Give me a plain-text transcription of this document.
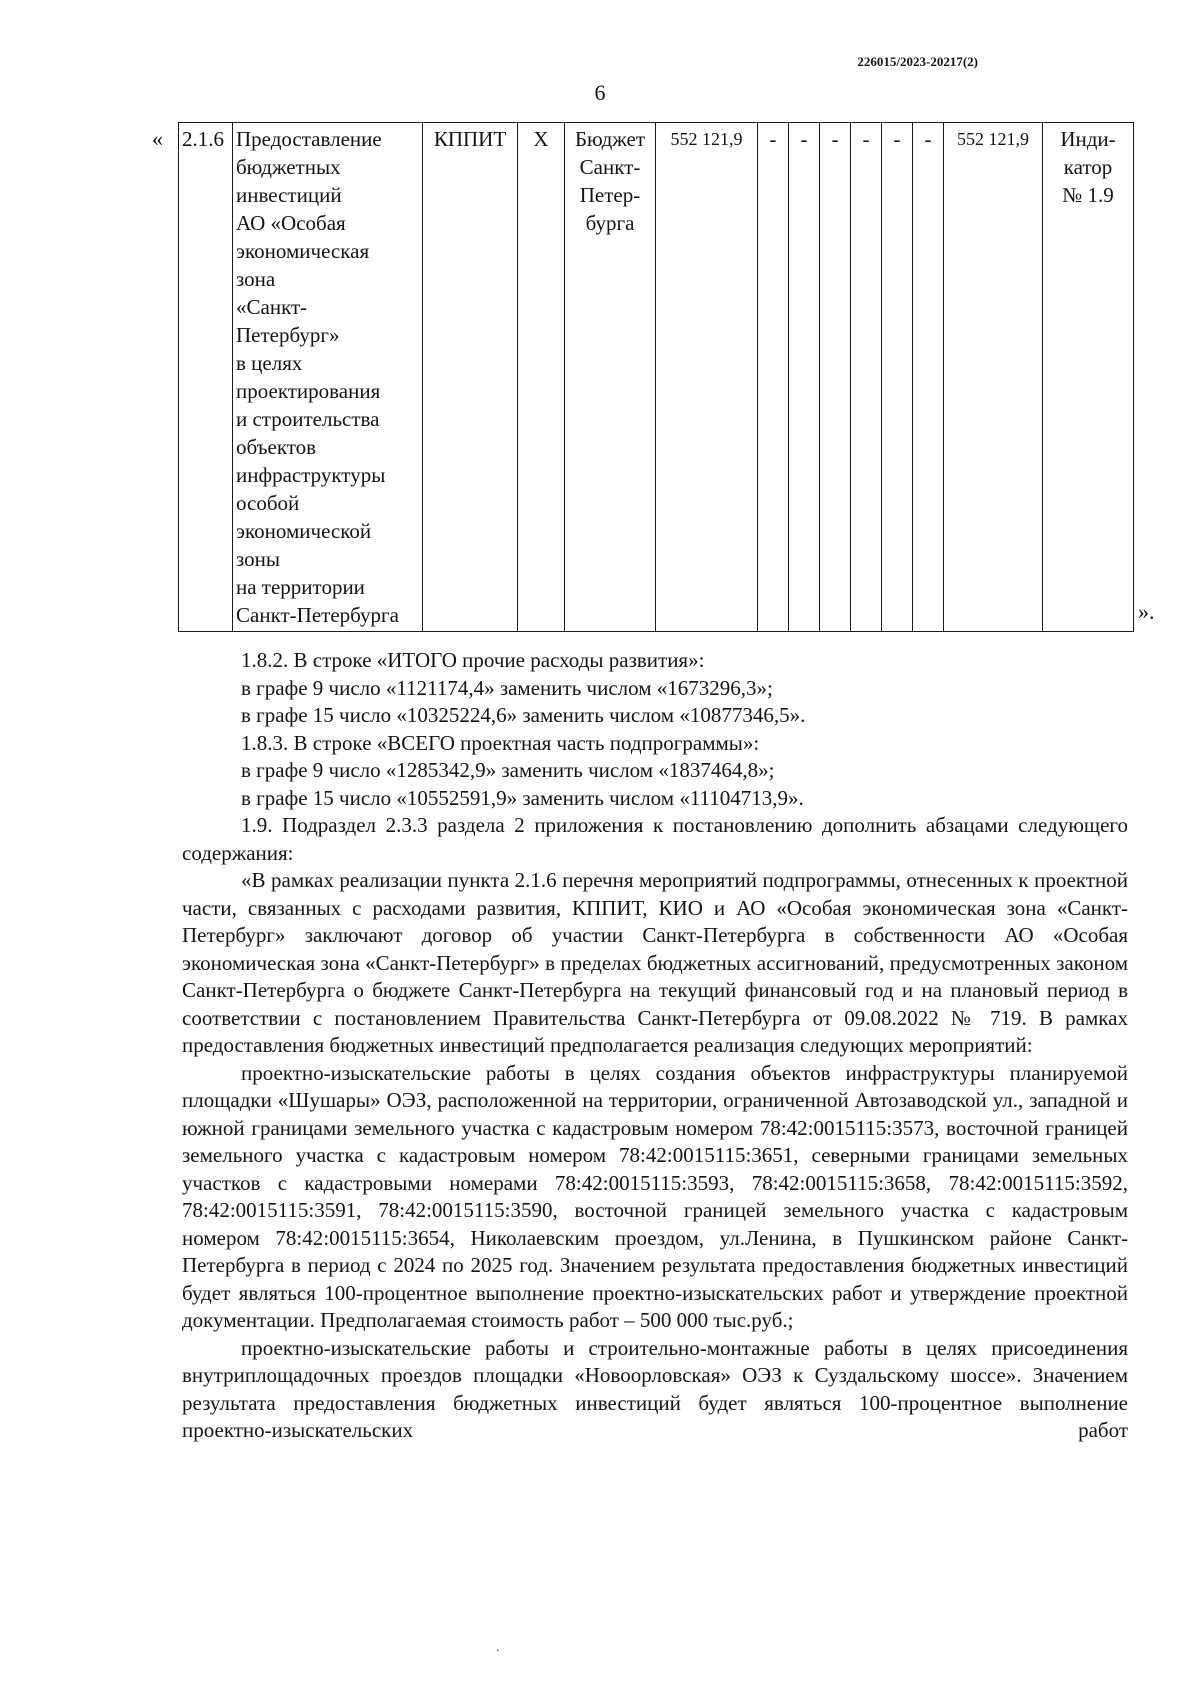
226015/2023-20217(2)
6
« 2.1.6	Предоставление
бюджетных
инвестиций
АО «Особая
экономическая
зона
«Санкт-
Петербург»
в целях
проектирования
и строительства
объектов
инфраструктуры
особой
экономической
зоны
на территории
Санкт-Петербурга	КППИТ	Х	Бюджет
Санкт-
Петер-
бурга	552 121,9	-	-	-	-	-	-	552 121,9	Инди-
катор
№ 1.9
».

1.8.2. В строке «ИТОГО прочие расходы развития»:

в графе 9 число «1121174,4» заменить числом «1673296,3»;

в графе 15 число «10325224,6» заменить числом «10877346,5».

1.8.3. В строке «ВСЕГО проектная часть подпрограммы»:

в графе 9 число «1285342,9» заменить числом «1837464,8»;

в графе 15 число «10552591,9» заменить числом «11104713,9».

1.9. Подраздел 2.3.3 раздела 2 приложения к постановлению дополнить абзацами следующего содержания:

«В рамках реализации пункта 2.1.6 перечня мероприятий подпрограммы, отнесенных к проектной части, связанных с расходами развития, КППИТ, КИО и АО «Особая экономическая зона «Санкт-Петербург» заключают договор об участии Санкт-Петербурга в собственности АО «Особая экономическая зона «Санкт-Петербург» в пределах бюджетных ассигнований, предусмотренных законом Санкт-Петербурга о бюджете Санкт-Петербурга на текущий финансовый год и на плановый период в соответствии с постановлением Правительства Санкт-Петербурга от 09.08.2022 № 719. В рамках предоставления бюджетных инвестиций предполагается реализация следующих мероприятий:

проектно-изыскательские работы в целях создания объектов инфраструктуры планируемой площадки «Шушары» ОЭЗ, расположенной на территории, ограниченной Автозаводской ул., западной и южной границами земельного участка с кадастровым номером 78:42:0015115:3573, восточной границей земельного участка с кадастровым номером 78:42:0015115:3651, северными границами земельных участков с кадастровыми номерами 78:42:0015115:3593, 78:42:0015115:3658, 78:42:0015115:3592, 78:42:0015115:3591, 78:42:0015115:3590, восточной границей земельного участка с кадастровым номером 78:42:0015115:3654, Николаевским проездом, ул.Ленина, в Пушкинском районе Санкт-Петербурга в период с 2024 по 2025 год. Значением результата предоставления бюджетных инвестиций будет являться 100-процентное выполнение проектно-изыскательских работ и утверждение проектной документации. Предполагаемая стоимость работ – 500 000 тыс.руб.;

проектно-изыскательские работы и строительно-монтажные работы в целях присоединения внутриплощадочных проездов площадки «Новоорловская» ОЭЗ к Суздальскому шоссе». Значением результата предоставления бюджетных инвестиций будет являться 100-процентное выполнение проектно-изыскательских работ

.
